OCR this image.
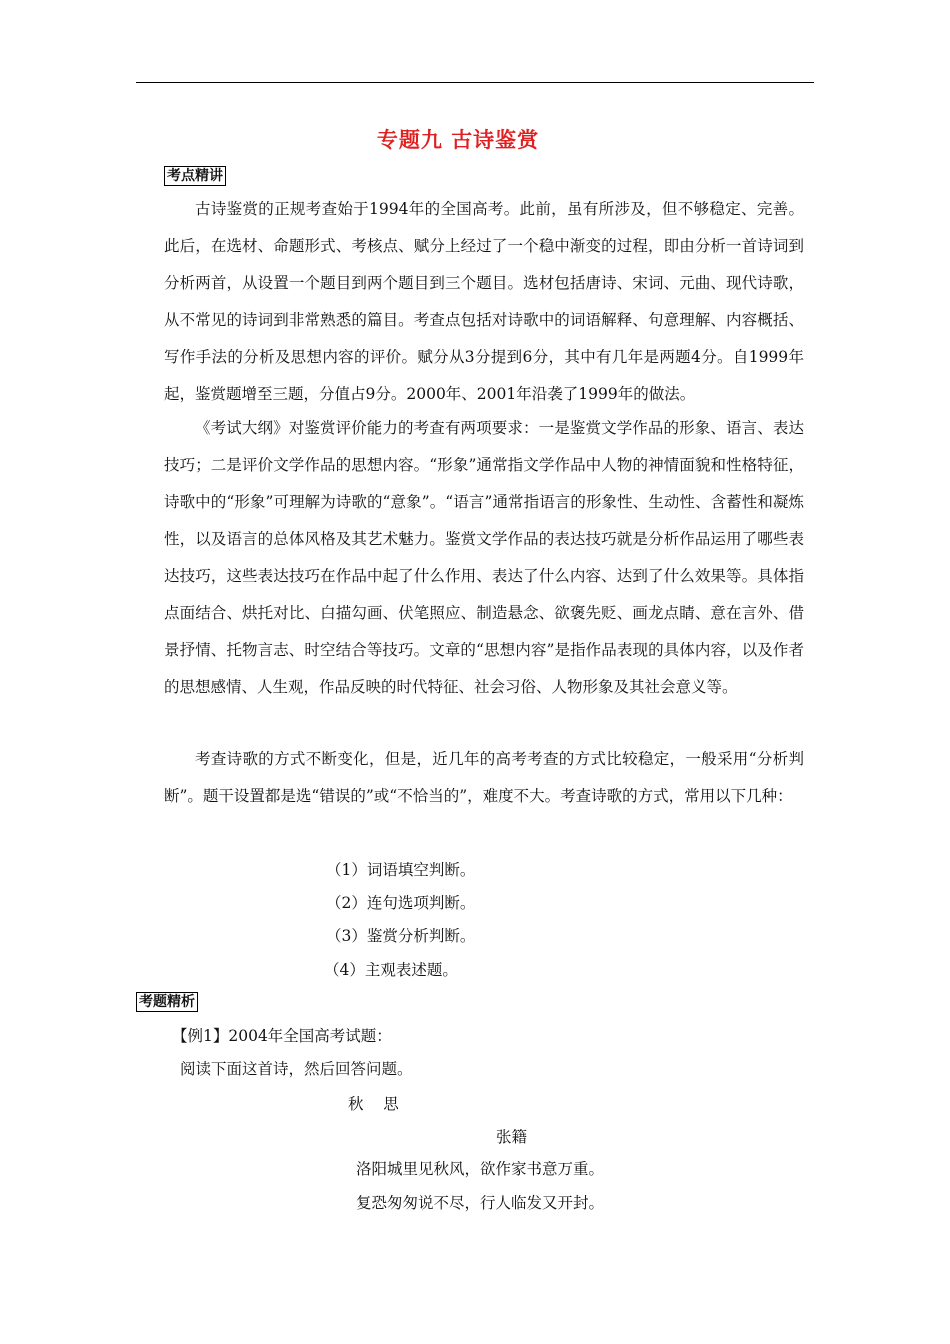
专题九 古诗鉴赏
考点精讲

古诗鉴赏的正规考查始于1994年的全国高考。此前，虽有所涉及，但不够稳定、完善。此后，在选材、命题形式、考核点、赋分上经过了一个稳中渐变的过程，即由分析一首诗词到分析两首，从设置一个题目到两个题目到三个题目。选材包括唐诗、宋词、元曲、现代诗歌，从不常见的诗词到非常熟悉的篇目。考查点包括对诗歌中的词语解释、句意理解、内容概括、写作手法的分析及思想内容的评价。赋分从3分提到6分，其中有几年是两题4分。自1999年起，鉴赏题增至三题，分值占9分。2000年、2001年沿袭了1999年的做法。

《考试大纲》对鉴赏评价能力的考查有两项要求：一是鉴赏文学作品的形象、语言、表达技巧；二是评价文学作品的思想内容。“形象”通常指文学作品中人物的神情面貌和性格特征，诗歌中的“形象”可理解为诗歌的“意象”。“语言”通常指语言的形象性、生动性、含蓄性和凝炼性，以及语言的总体风格及其艺术魅力。鉴赏文学作品的表达技巧就是分析作品运用了哪些表达技巧，这些表达技巧在作品中起了什么作用、表达了什么内容、达到了什么效果等。具体指点面结合、烘托对比、白描勾画、伏笔照应、制造悬念、欲褒先贬、画龙点睛、意在言外、借景抒情、托物言志、时空结合等技巧。文章的“思想内容”是指作品表现的具体内容，以及作者的思想感情、人生观，作品反映的时代特征、社会习俗、人物形象及其社会意义等。

考查诗歌的方式不断变化，但是，近几年的高考考查的方式比较稳定，一般采用“分析判断”。题干设置都是选“错误的”或“不恰当的”，难度不大。考查诗歌的方式，常用以下几种：

（1）词语填空判断。
（2）连句选项判断。
（3）鉴赏分析判断。
（4）主观表述题。
考题精析
【例1】2004年全国高考试题：
阅读下面这首诗，然后回答问题。
秋    思
张籍
洛阳城里见秋风，欲作家书意万重。
复恐匆匆说不尽，行人临发又开封。
